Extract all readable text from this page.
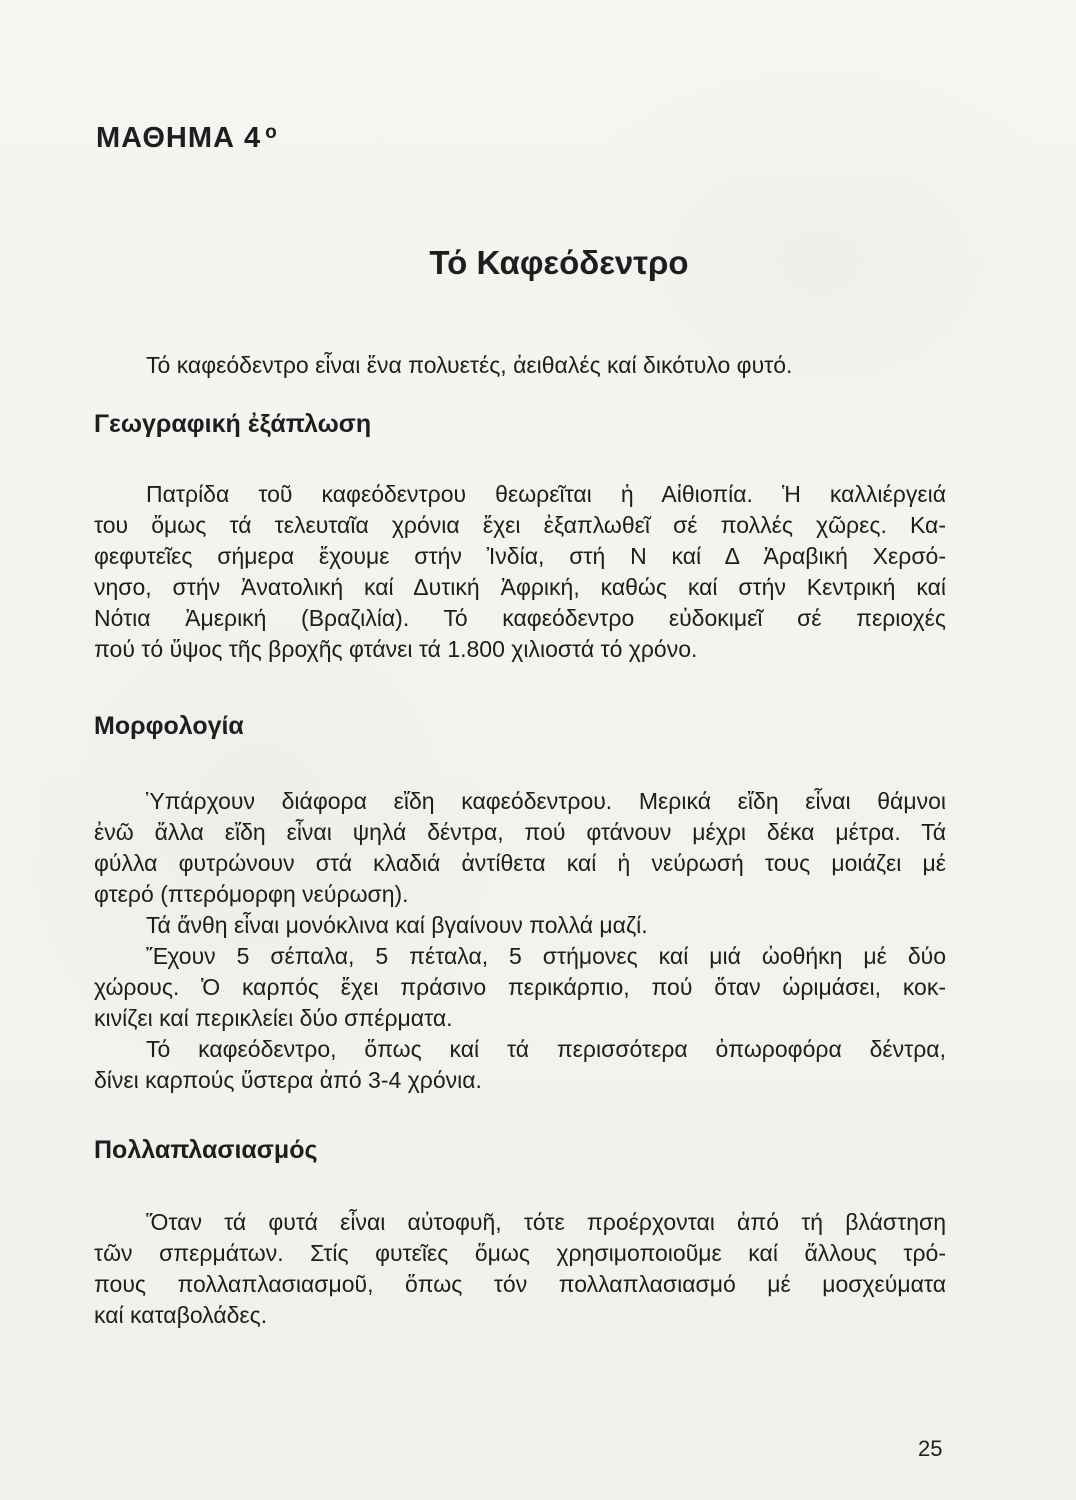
ΜΑΘΗΜΑ 4 $^o$
Τό Καφεόδεντρο

Τό καφεόδεντρο εἶναι ἕνα πολυετές, ἀειθαλές καί δικότυλο φυτό.

Γεωγραφική ἐξάπλωση
Πατρίδα τοῦ καφεόδεντρου θεωρεῖται ἡ Αἰθιοπία. Ἡ καλλιέργειά
του ὅμως τά τελευταῖα χρόνια ἔχει ἐξαπλωθεῖ σέ πολλές χῶρες. Κα-
φεφυτεῖες σήμερα ἔχουμε στήν Ἰνδία, στή Ν καί Δ Ἀραβική Χερσό-
νησο, στήν Ἀνατολική καί Δυτική Ἀφρική, καθώς καί στήν Κεντρική καί
Νότια Ἀμερική (Βραζιλία). Τό καφεόδεντρο εὐδοκιμεῖ σέ περιοχές
πού τό ὕψος τῆς βροχῆς φτάνει τά 1.800 χιλιοστά τό χρόνο.
Μορφολογία
Ὑπάρχουν διάφορα εἴδη καφεόδεντρου. Μερικά εἴδη εἶναι θάμνοι
ἐνῶ ἄλλα εἴδη εἶναι ψηλά δέντρα, πού φτάνουν μέχρι δέκα μέτρα. Τά
φύλλα φυτρώνουν στά κλαδιά ἀντίθετα καί ἡ νεύρωσή τους μοιάζει μέ
φτερό (πτερόμορφη νεύρωση).
Τά ἄνθη εἶναι μονόκλινα καί βγαίνουν πολλά μαζί.
Ἔχουν 5 σέπαλα, 5 πέταλα, 5 στήμονες καί μιά ὠοθήκη μέ δύο
χώρους. Ὁ καρπός ἔχει πράσινο περικάρπιο, πού ὅταν ὡριμάσει, κοκ-
κινίζει καί περικλείει δύο σπέρματα.
Τό καφεόδεντρο, ὅπως καί τά περισσότερα ὀπωροφόρα δέντρα,
δίνει καρπούς ὕστερα ἀπό 3-4 χρόνια.
Πολλαπλασιασμός
Ὅταν τά φυτά εἶναι αὐτοφυῆ, τότε προέρχονται ἀπό τή βλάστηση
τῶν σπερμάτων. Στίς φυτεῖες ὅμως χρησιμοποιοῦμε καί ἄλλους τρό-
πους πολλαπλασιασμοῦ, ὅπως τόν πολλαπλασιασμό μέ μοσχεύματα
καί καταβολάδες.

25
